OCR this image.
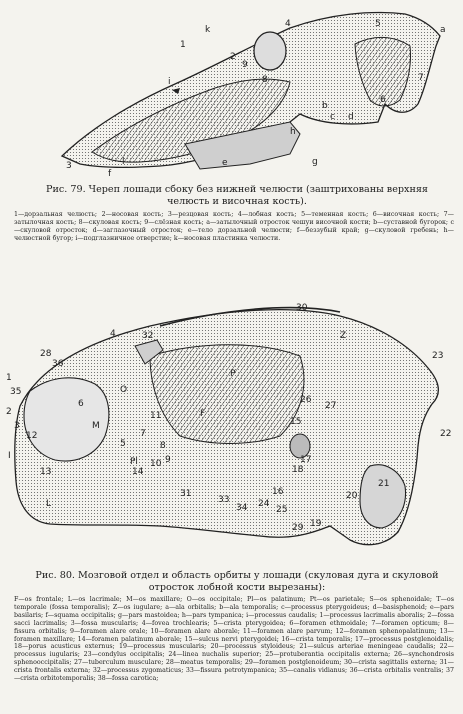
1
2
3
4	5
6
7
8
9
a
b
c d
e
f
g
h
i
k
l
Рис. 79. Череп лошади сбоку без нижней челюсти (заштрихованы верхняя челюсть и височная кость).
1—дорзальная челюсть; 2—носовая кость; 3—резцовая кость; 4—лобная кость; 5—теменная кость; 6—височная кость; 7—затылочная кость; 8—скуловая кость; 9—слёзная кость; a—затылочный отросток чешуи височной кости; b—суставной бугорок; c—скуловой отросток; d—заглазочный отросток; e—тело дорзальной челюсти; f—беззубый край; g—скуловой гребень; h—челюстной бугор; i—подглазничное отверстие; k—носовая пластинка челюсти.
30
32
P
1
2
3
4
5
6
7
8
9
10
11
12
13	14
15
16
17
18
19
20
21
22
23
24
25
26
27
28
29
31
33
34
35
36
I
L
Z
M
O
Pl
F
Рис. 80. Мозговой отдел и область орбиты у лошади (скуловая дуга и скуловой отросток лобной кости вырезаны):
F—os frontale; L—os lacrimale; M—os maxillare; O—os occipitale; Pl—os palatinum; Pt—os parietale; S—os sphenoidale; T—os temporale (fossa temporalis); Z—os iugulare; a—ala orbitalis; b—ala temporalis; c—processus pterygoideus; d—basisphenoid; e—pars basilaris; f—squama occipitalis; g—pars mastoidea; h—pars tympanica; i—processus caudalis; 1—processus lacrimalis aboralis; 2—fossa sacci lacrimalis; 3—fossa muscularis; 4—fovea trochlearis; 5—crista pterygoidea; 6—foramen ethmoidale; 7—foramen opticum; 8—fissura orbitalis; 9—foramen alare orale; 10—foramen alare aborale; 11—foramen alare parvum; 12—foramen sphenopalatinum; 13—foramen maxillare; 14—foramen palatinum aborale; 15—sulcus nervi pterygoidei; 16—crista temporalis; 17—processus postglenoidalis; 18—porus acusticus externus; 19—processus muscularis; 20—processus styloideus; 21—sulcus arteriae meningeae caudalis; 22—processus iugularis; 23—condylus occipitalis; 24—linea nuchalis superior; 25—protuberantia occipitalis externa; 26—synchondrosis sphenooccipitalis; 27—tuberculum musculare; 28—meatus temporalis; 29—foramen postglenoideum; 30—crista sagittalis externa; 31—crista frontalis externa; 32—processus zygomaticus; 33—fissura petrotympanica; 35—canalis vidianus; 36—crista orbitalis ventralis; 37—crista orbitotemporalis; 38—fossa carotica;
